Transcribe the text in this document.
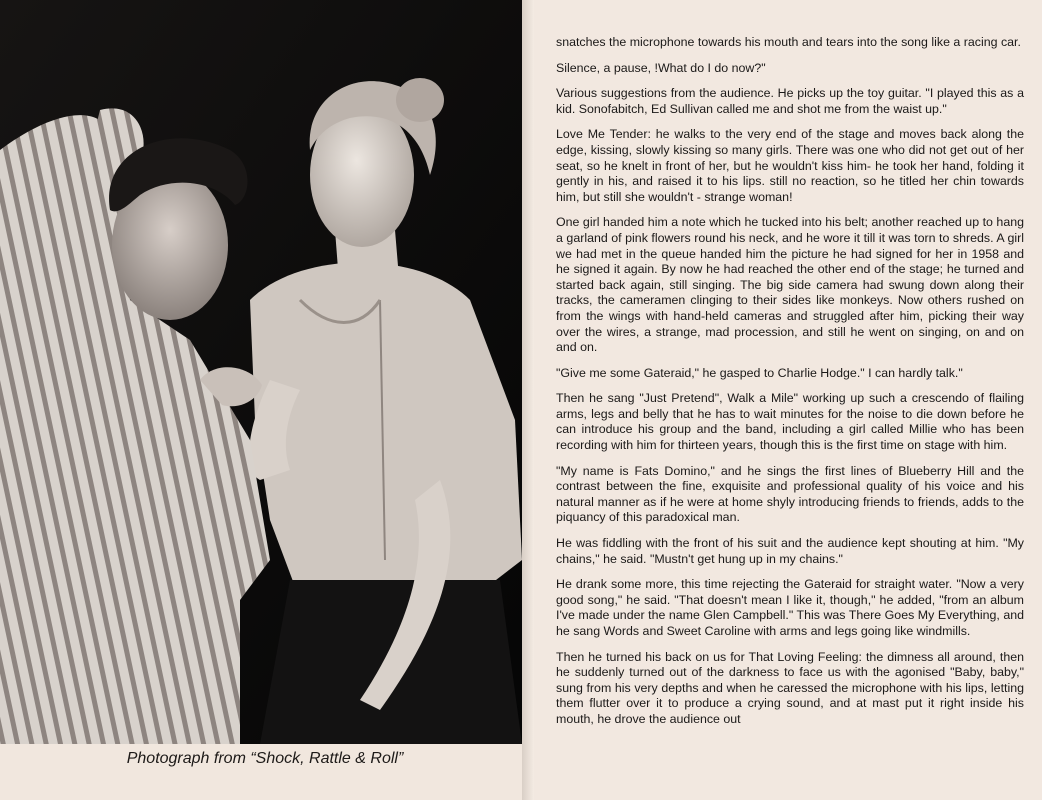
Photograph from “Shock, Rattle & Roll”

snatches the microphone towards his mouth and tears into the song like a racing car.

Silence, a pause, !What do I do now?"

Various suggestions from the audience. He picks up the toy guitar. "I played this as a kid. Sonofabitch, Ed Sullivan called me and shot me from the waist up."

Love Me Tender: he walks to the very end of the stage and moves back along the edge, kissing, slowly kissing so many girls. There was one who did not get out of her seat, so he knelt in front of her, but he wouldn't kiss him- he took her hand, folding it gently in his, and raised it to his lips. still no reaction, so he titled her chin towards him, but still she wouldn't - strange woman!

One girl handed him a note which he tucked into his belt; another reached up to hang a garland of pink flowers round his neck, and he wore it till it was torn to shreds. A girl we had met in the queue handed him the picture he had signed for her in 1958 and he signed it again. By now he had reached the other end of the stage; he turned and started back again, still singing. The big side camera had swung down along their tracks, the cameramen clinging to their sides like monkeys. Now others rushed on from the wings with hand-held cameras and struggled after him, picking their way over the wires, a strange, mad procession, and still he went on singing, on and on and on.

"Give me some Gateraid," he gasped to Charlie Hodge." I can hardly talk."

Then he sang "Just Pretend", Walk a Mile" working up such a crescendo of flailing arms, legs and belly that he has to wait minutes for the noise to die down before he can introduce his group and the band, including a girl called Millie who has been recording with him for thirteen years, though this is the first time on stage with him.

"My name is Fats Domino," and he sings the first lines of Blueberry Hill and the contrast between the fine, exquisite and professional quality of his voice and his natural manner as if he were at home shyly introducing friends to friends, adds to the piquancy of this paradoxical man.

He was fiddling with the front of his suit and the audience kept shouting at him. "My chains," he said. "Mustn't get hung up in my chains."

He drank some more, this time rejecting the Gateraid for straight water. "Now a very good song," he said. "That doesn't mean I like it, though," he added, "from an album I've made under the name Glen Campbell." This was There Goes My Everything, and he sang Words and Sweet Caroline with arms and legs going like windmills.

Then he turned his back on us for That Loving Feeling: the dimness all around, then he suddenly turned out of the darkness to face us with the agonised "Baby, baby," sung from his very depths and when he caressed the microphone with his lips, letting them flutter over it to produce a crying sound, and at mast put it right inside his mouth, he drove the audience out
